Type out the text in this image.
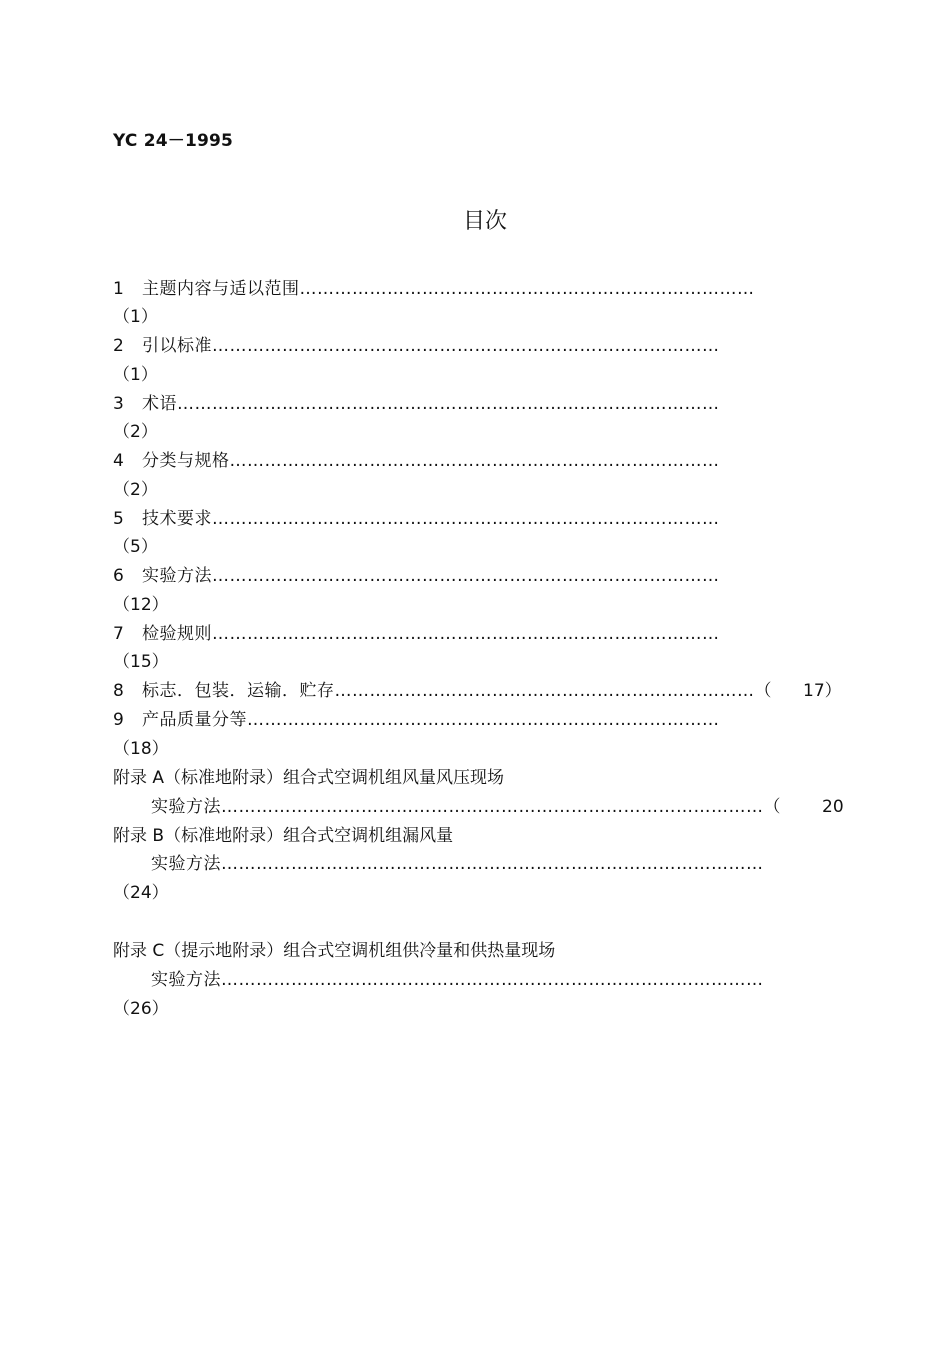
YC 24－1995
目次
1   主题内容与适以范围……………………………………………………………………
（1）
2   引以标准……………………………………………………………………………
（1）
3   术语…………………………………………………………………………………
（2）
4   分类与规格…………………………………………………………………………
（2）
5   技术要求……………………………………………………………………………
（5）
6   实验方法……………………………………………………………………………
（12）
7   检验规则……………………………………………………………………………
（15）
8   标志．包装．运输．贮存………………………………………………………………（ 17）
9   产品质量分等………………………………………………………………………
（18）
附录 A（标准地附录）组合式空调机组风量风压现场
实验方法…………………………………………………………………………………（ 20
附录 B（标准地附录）组合式空调机组漏风量
实验方法…………………………………………………………………………………
（24）
附录 C（提示地附录）组合式空调机组供冷量和供热量现场
实验方法…………………………………………………………………………………
（26）
